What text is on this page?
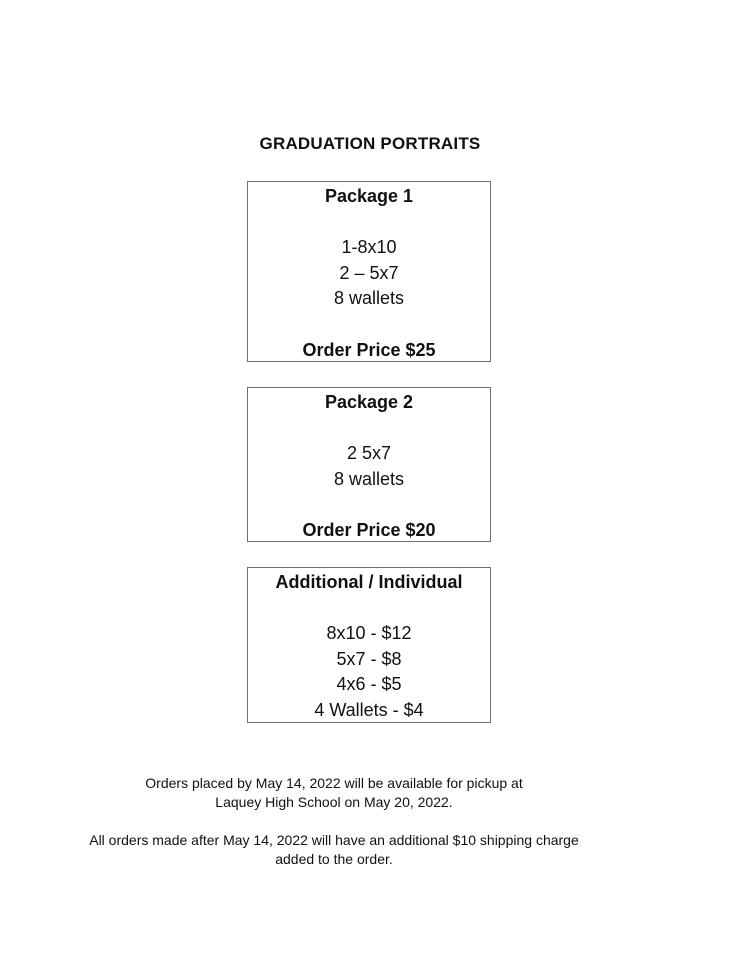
GRADUATION PORTRAITS
Package 1
1-8x10
2 – 5x7
8 wallets
Order Price $25
Package 2
2 5x7
8 wallets
Order Price $20
Additional / Individual
8x10 - $12
5x7 - $8
4x6 - $5
4 Wallets - $4
Orders placed by May 14, 2022 will be available for pickup at
Laquey High School on May 20, 2022.
All orders made after May 14, 2022 will have an additional $10 shipping charge
added to the order.
